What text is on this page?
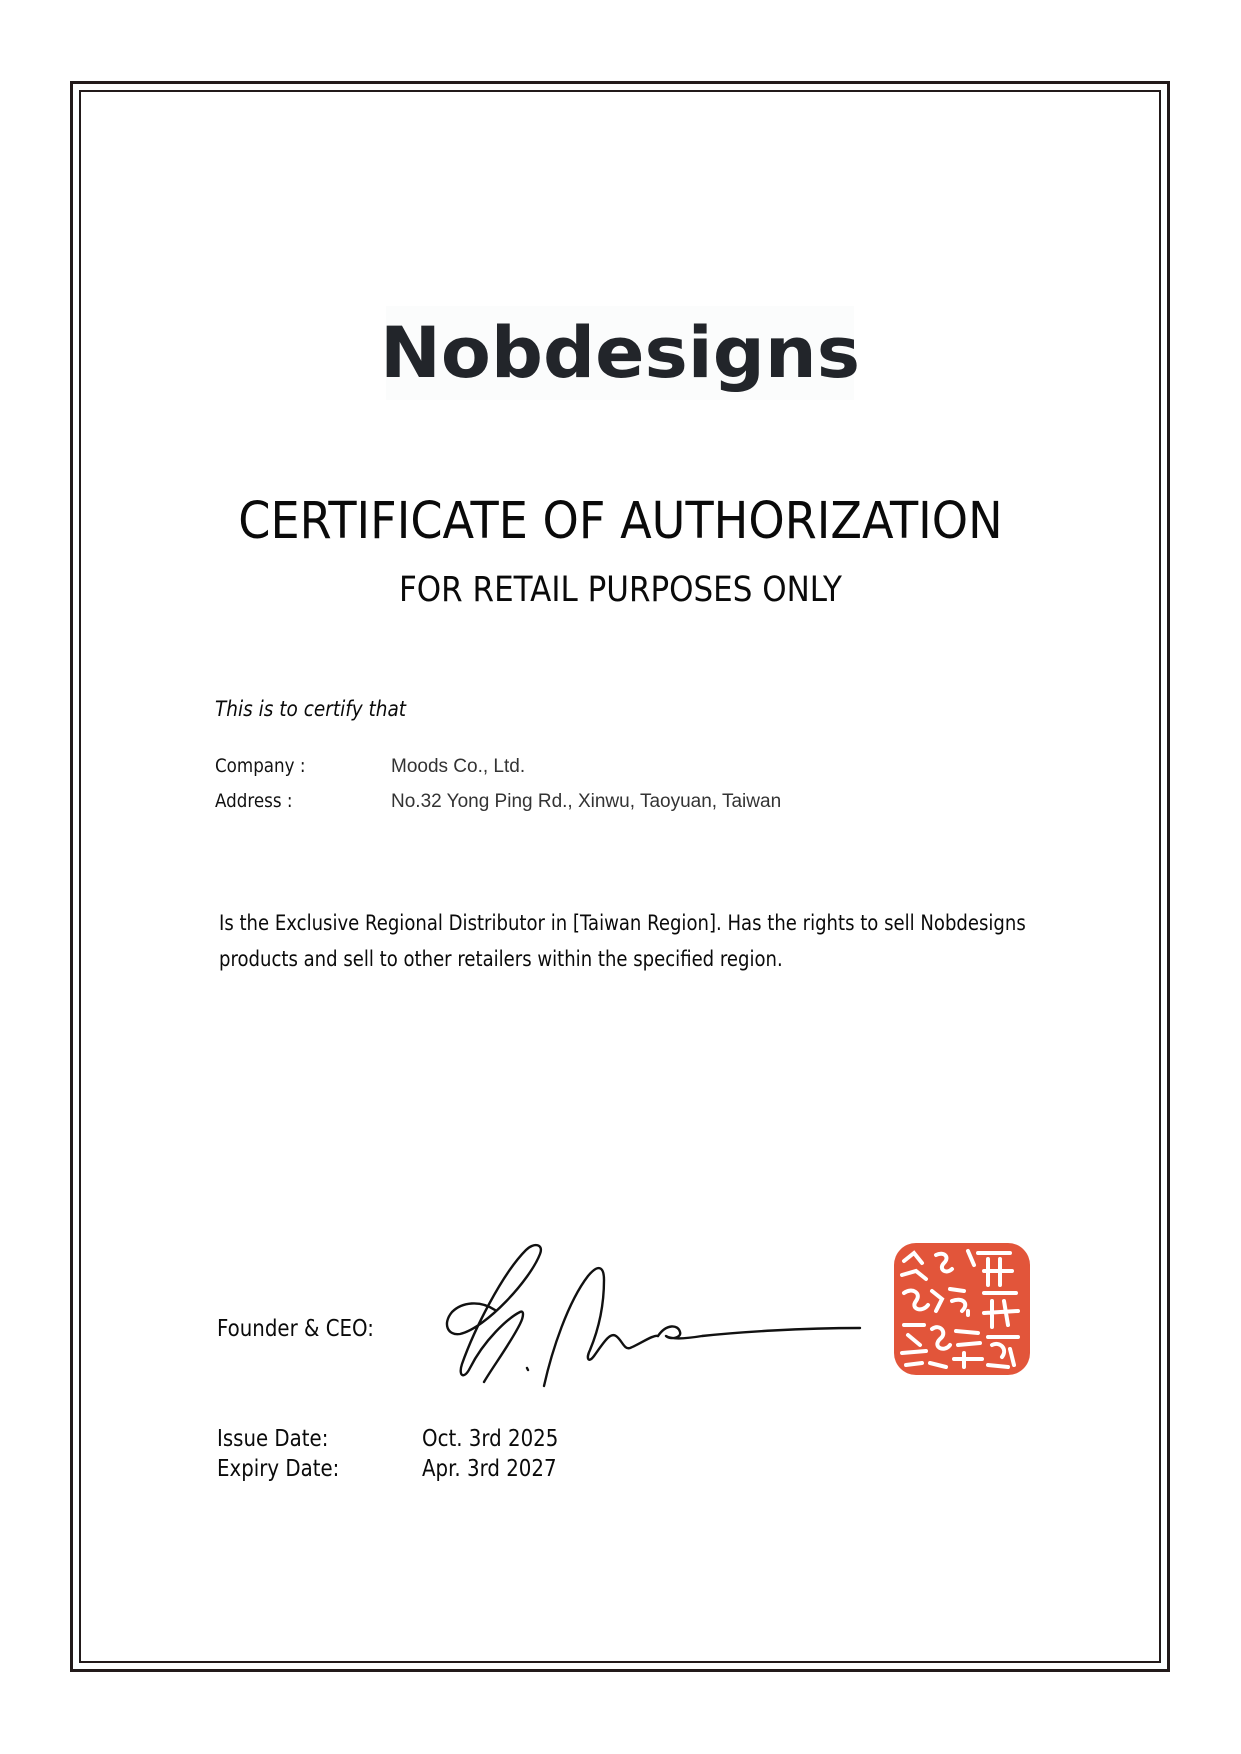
Nobdesigns
CERTIFICATE OF AUTHORIZATION
FOR RETAIL PURPOSES ONLY
This is to certify that
Company :	Moods Co., Ltd.
Address :	No.32 Yong Ping Rd., Xinwu, Taoyuan, Taiwan
Is the Exclusive Regional Distributor in [Taiwan Region]. Has the rights to sell Nobdesigns
products and sell to other retailers within the specified region.
Founder & CEO:
Issue Date:	Oct. 3rd 2025
Expiry Date:	Apr. 3rd 2027
